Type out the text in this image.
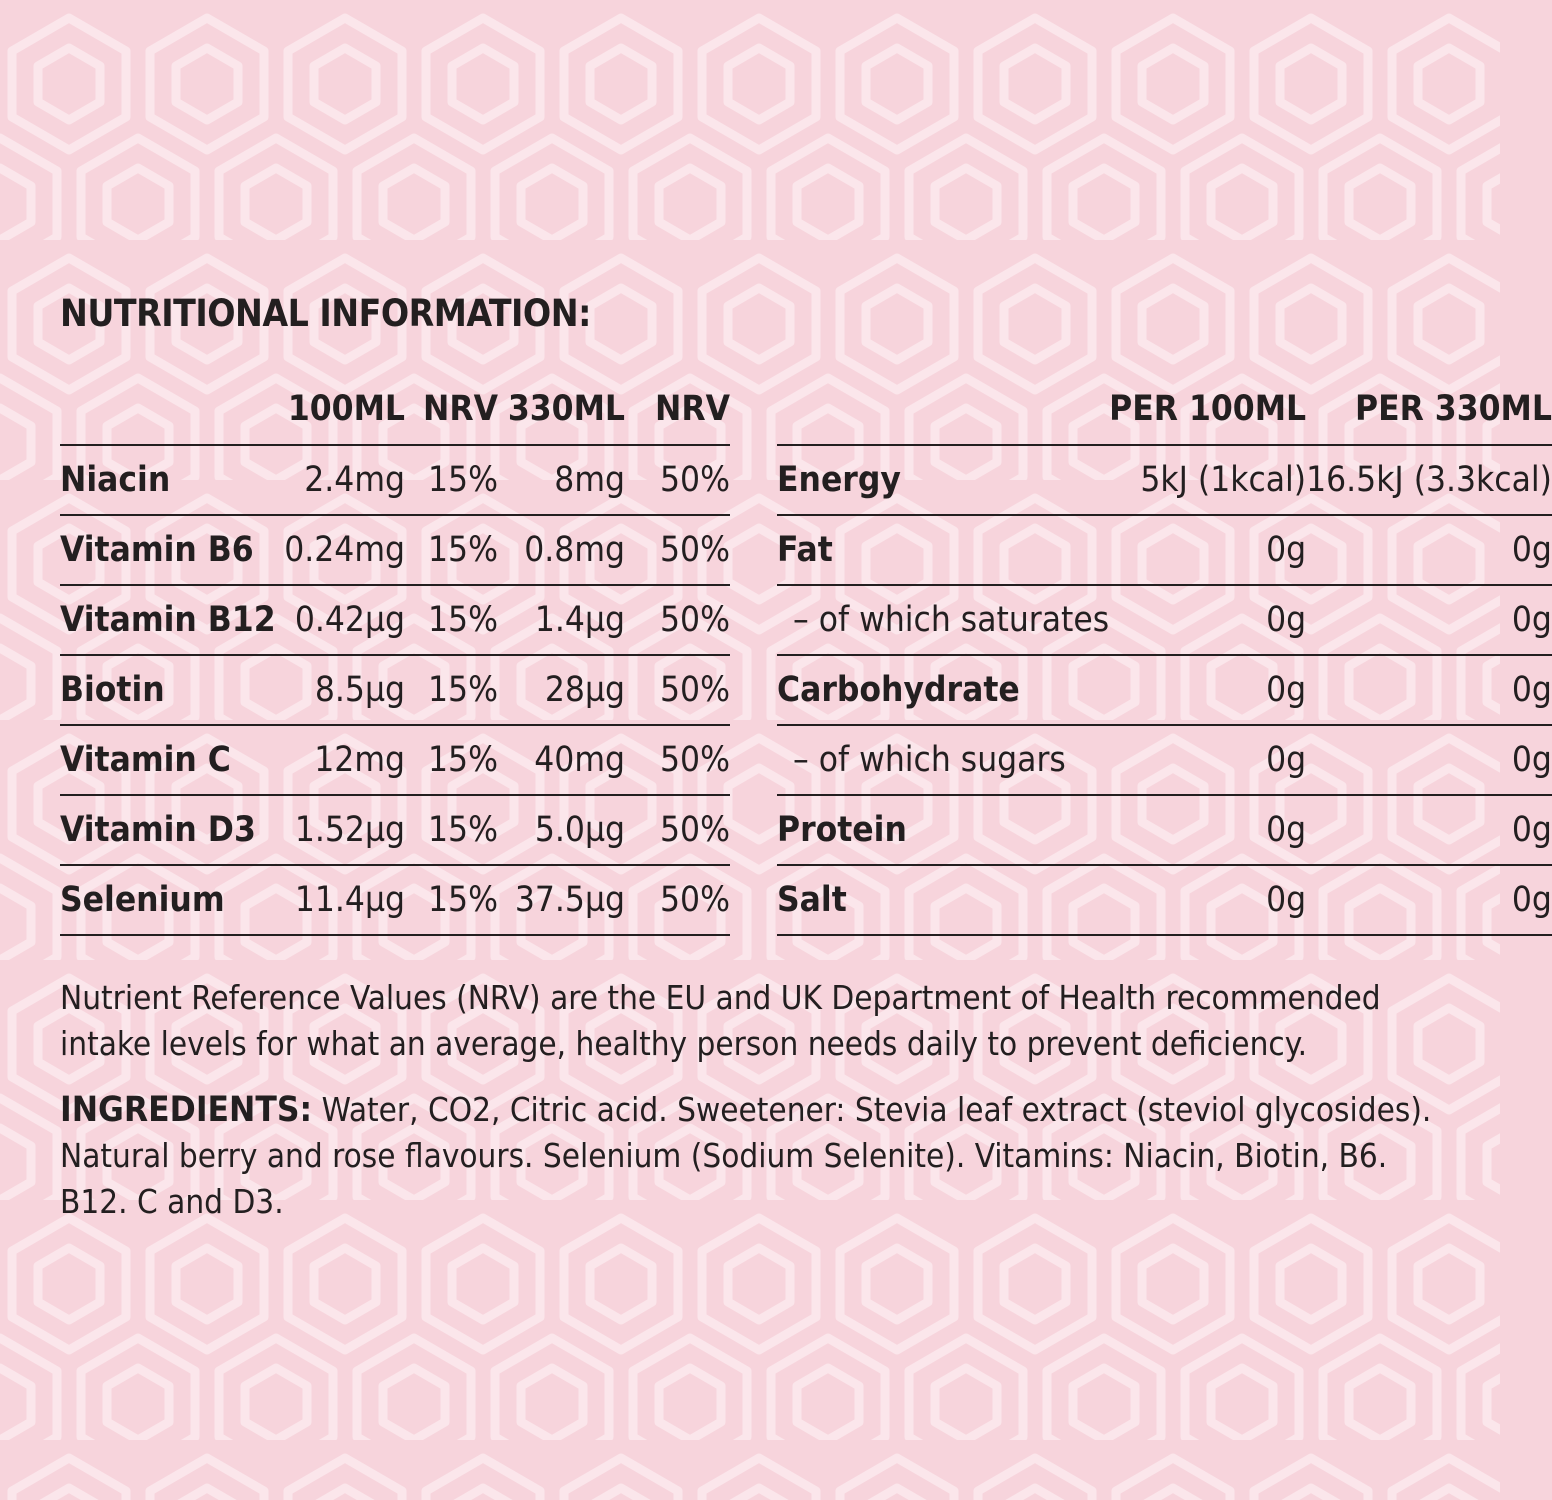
NUTRITIONAL INFORMATION:
	100ML	NRV	330ML	NRV
Niacin	2.4mg	15%	8mg	50%
Vitamin B6	0.24mg	15%	0.8mg	50%
Vitamin B12	0.42µg	15%	1.4µg	50%
Biotin	8.5µg	15%	28µg	50%
Vitamin C	12mg	15%	40mg	50%
Vitamin D3	1.52µg	15%	5.0µg	50%
Selenium	11.4µg	15%	37.5µg	50%
	PER 100ML	PER 330ML
Energy	5kJ (1kcal)	16.5kJ (3.3kcal)
Fat	0g	0g
– of which saturates	0g	0g
Carbohydrate	0g	0g
– of which sugars	0g	0g
Protein	0g	0g
Salt	0g	0g

Nutrient Reference Values (NRV) are the EU and UK Department of Health recommended intake levels for what an average, healthy person needs daily to prevent deficiency.

INGREDIENTS: Water, CO2, Citric acid. Sweetener: Stevia leaf extract (steviol glycosides). Natural berry and rose flavours. Selenium (Sodium Selenite). Vitamins: Niacin, Biotin, B6. B12. C and D3.
